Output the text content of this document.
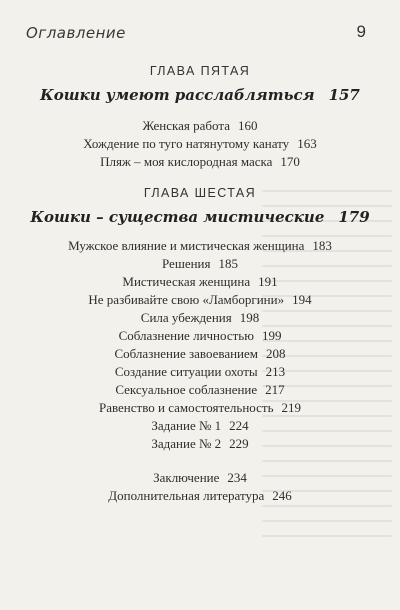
Оглавление	9
ГЛАВА ПЯТАЯ
Кошки умеют расслабляться 157
Женская работа 160
Хождение по туго натянутому канату 163
Пляж – моя кислородная маска 170
ГЛАВА ШЕСТАЯ
Кошки – существа мистические 179
Мужское влияние и мистическая женщина 183
Решения 185
Мистическая женщина 191
Не разбивайте свою «Ламборгини» 194
Сила убеждения 198
Соблазнение личностью 199
Соблазнение завоеванием 208
Создание ситуации охоты 213
Сексуальное соблазнение 217
Равенство и самостоятельность 219
Задание № 1 224
Задание № 2 229
Заключение 234
Дополнительная литература 246
